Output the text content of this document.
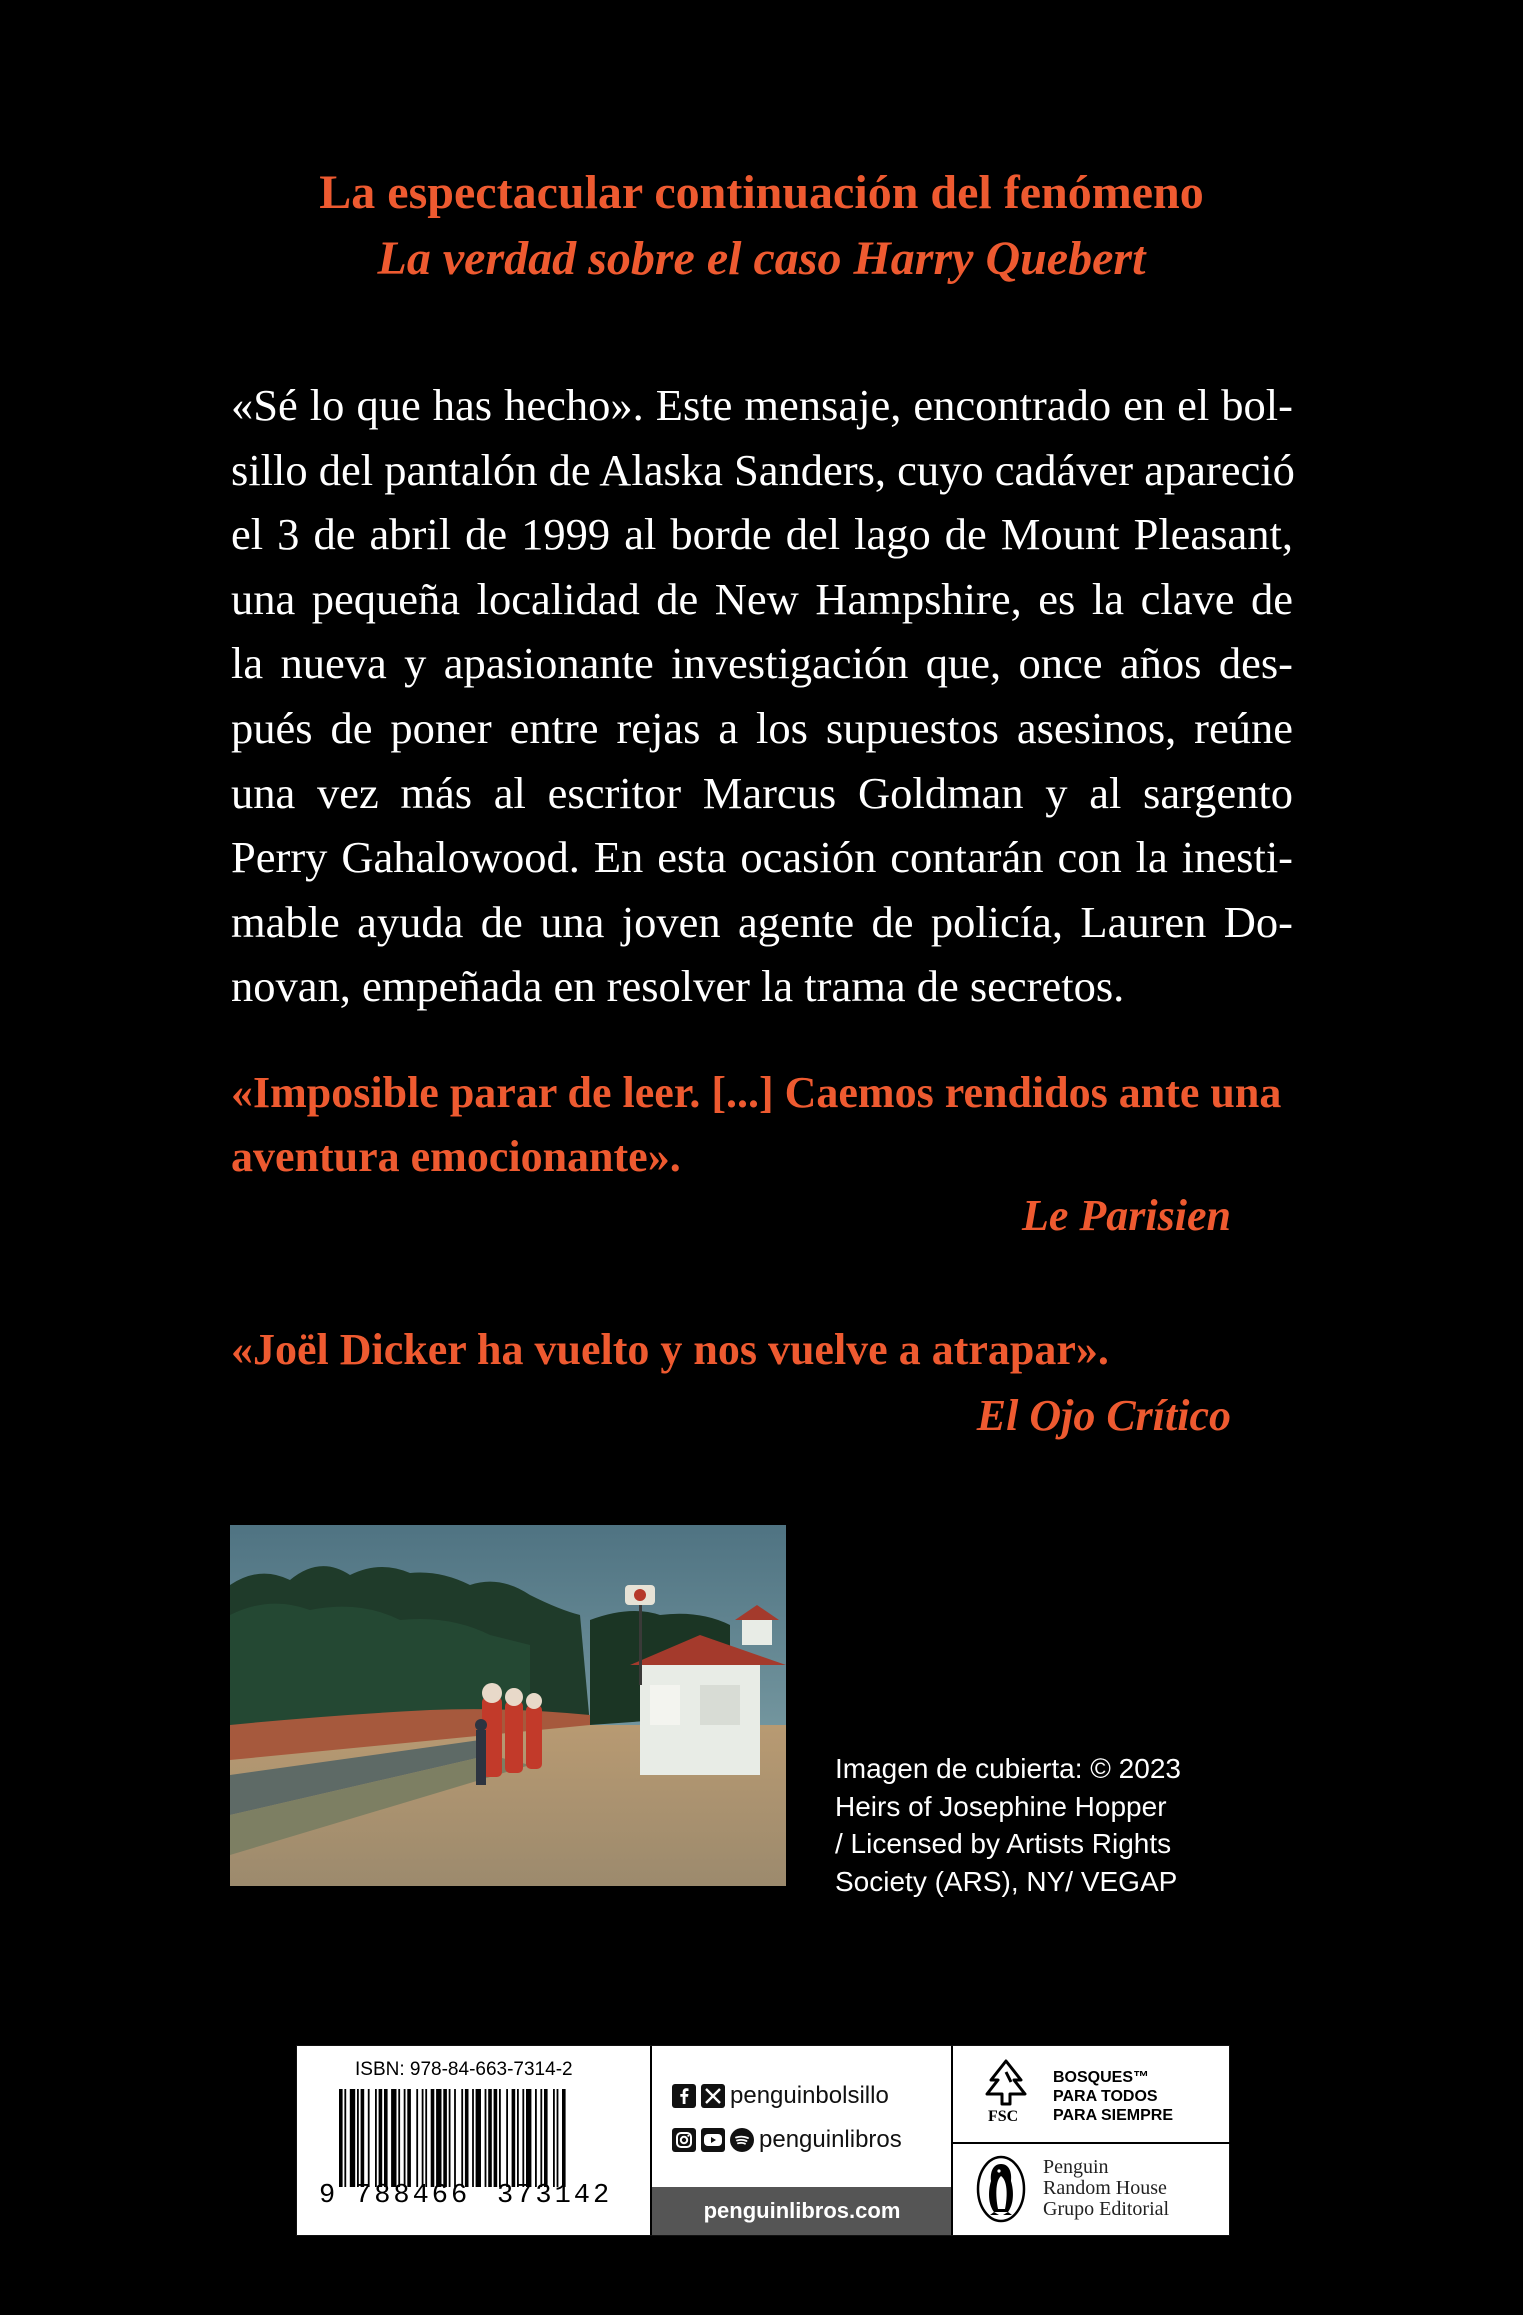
La espectacular continuación del fenómeno
La verdad sobre el caso Harry Quebert
«Sé lo que has hecho». Este mensaje, encontrado en el bol-
sillo del pantalón de Alaska Sanders, cuyo cadáver apareció
el 3 de abril de 1999 al borde del lago de Mount Pleasant,
una pequeña localidad de New Hampshire, es la clave de
la nueva y apasionante investigación que, once años des-
pués de poner entre rejas a los supuestos asesinos, reúne
una vez más al escritor Marcus Goldman y al sargento
Perry Gahalowood. En esta ocasión contarán con la inesti-
mable ayuda de una joven agente de policía, Lauren Do-
novan, empeñada en resolver la trama de secretos.
«Imposible parar de leer. [...] Caemos rendidos ante una
aventura emocionante».
Le Parisien
«Joël Dicker ha vuelto y nos vuelve a atrapar».
El Ojo Crítico
Imagen de cubierta: © 2023
Heirs of Josephine Hopper
/ Licensed by Artists Rights
Society (ARS), NY/ VEGAP
ISBN: 978-84-663-7314-2
9 788466 373142
penguinbolsillo
penguinlibros
penguinlibros.com
FSC
BOSQUES™
PARA TODOS
PARA SIEMPRE
Penguin
Random House
Grupo Editorial
